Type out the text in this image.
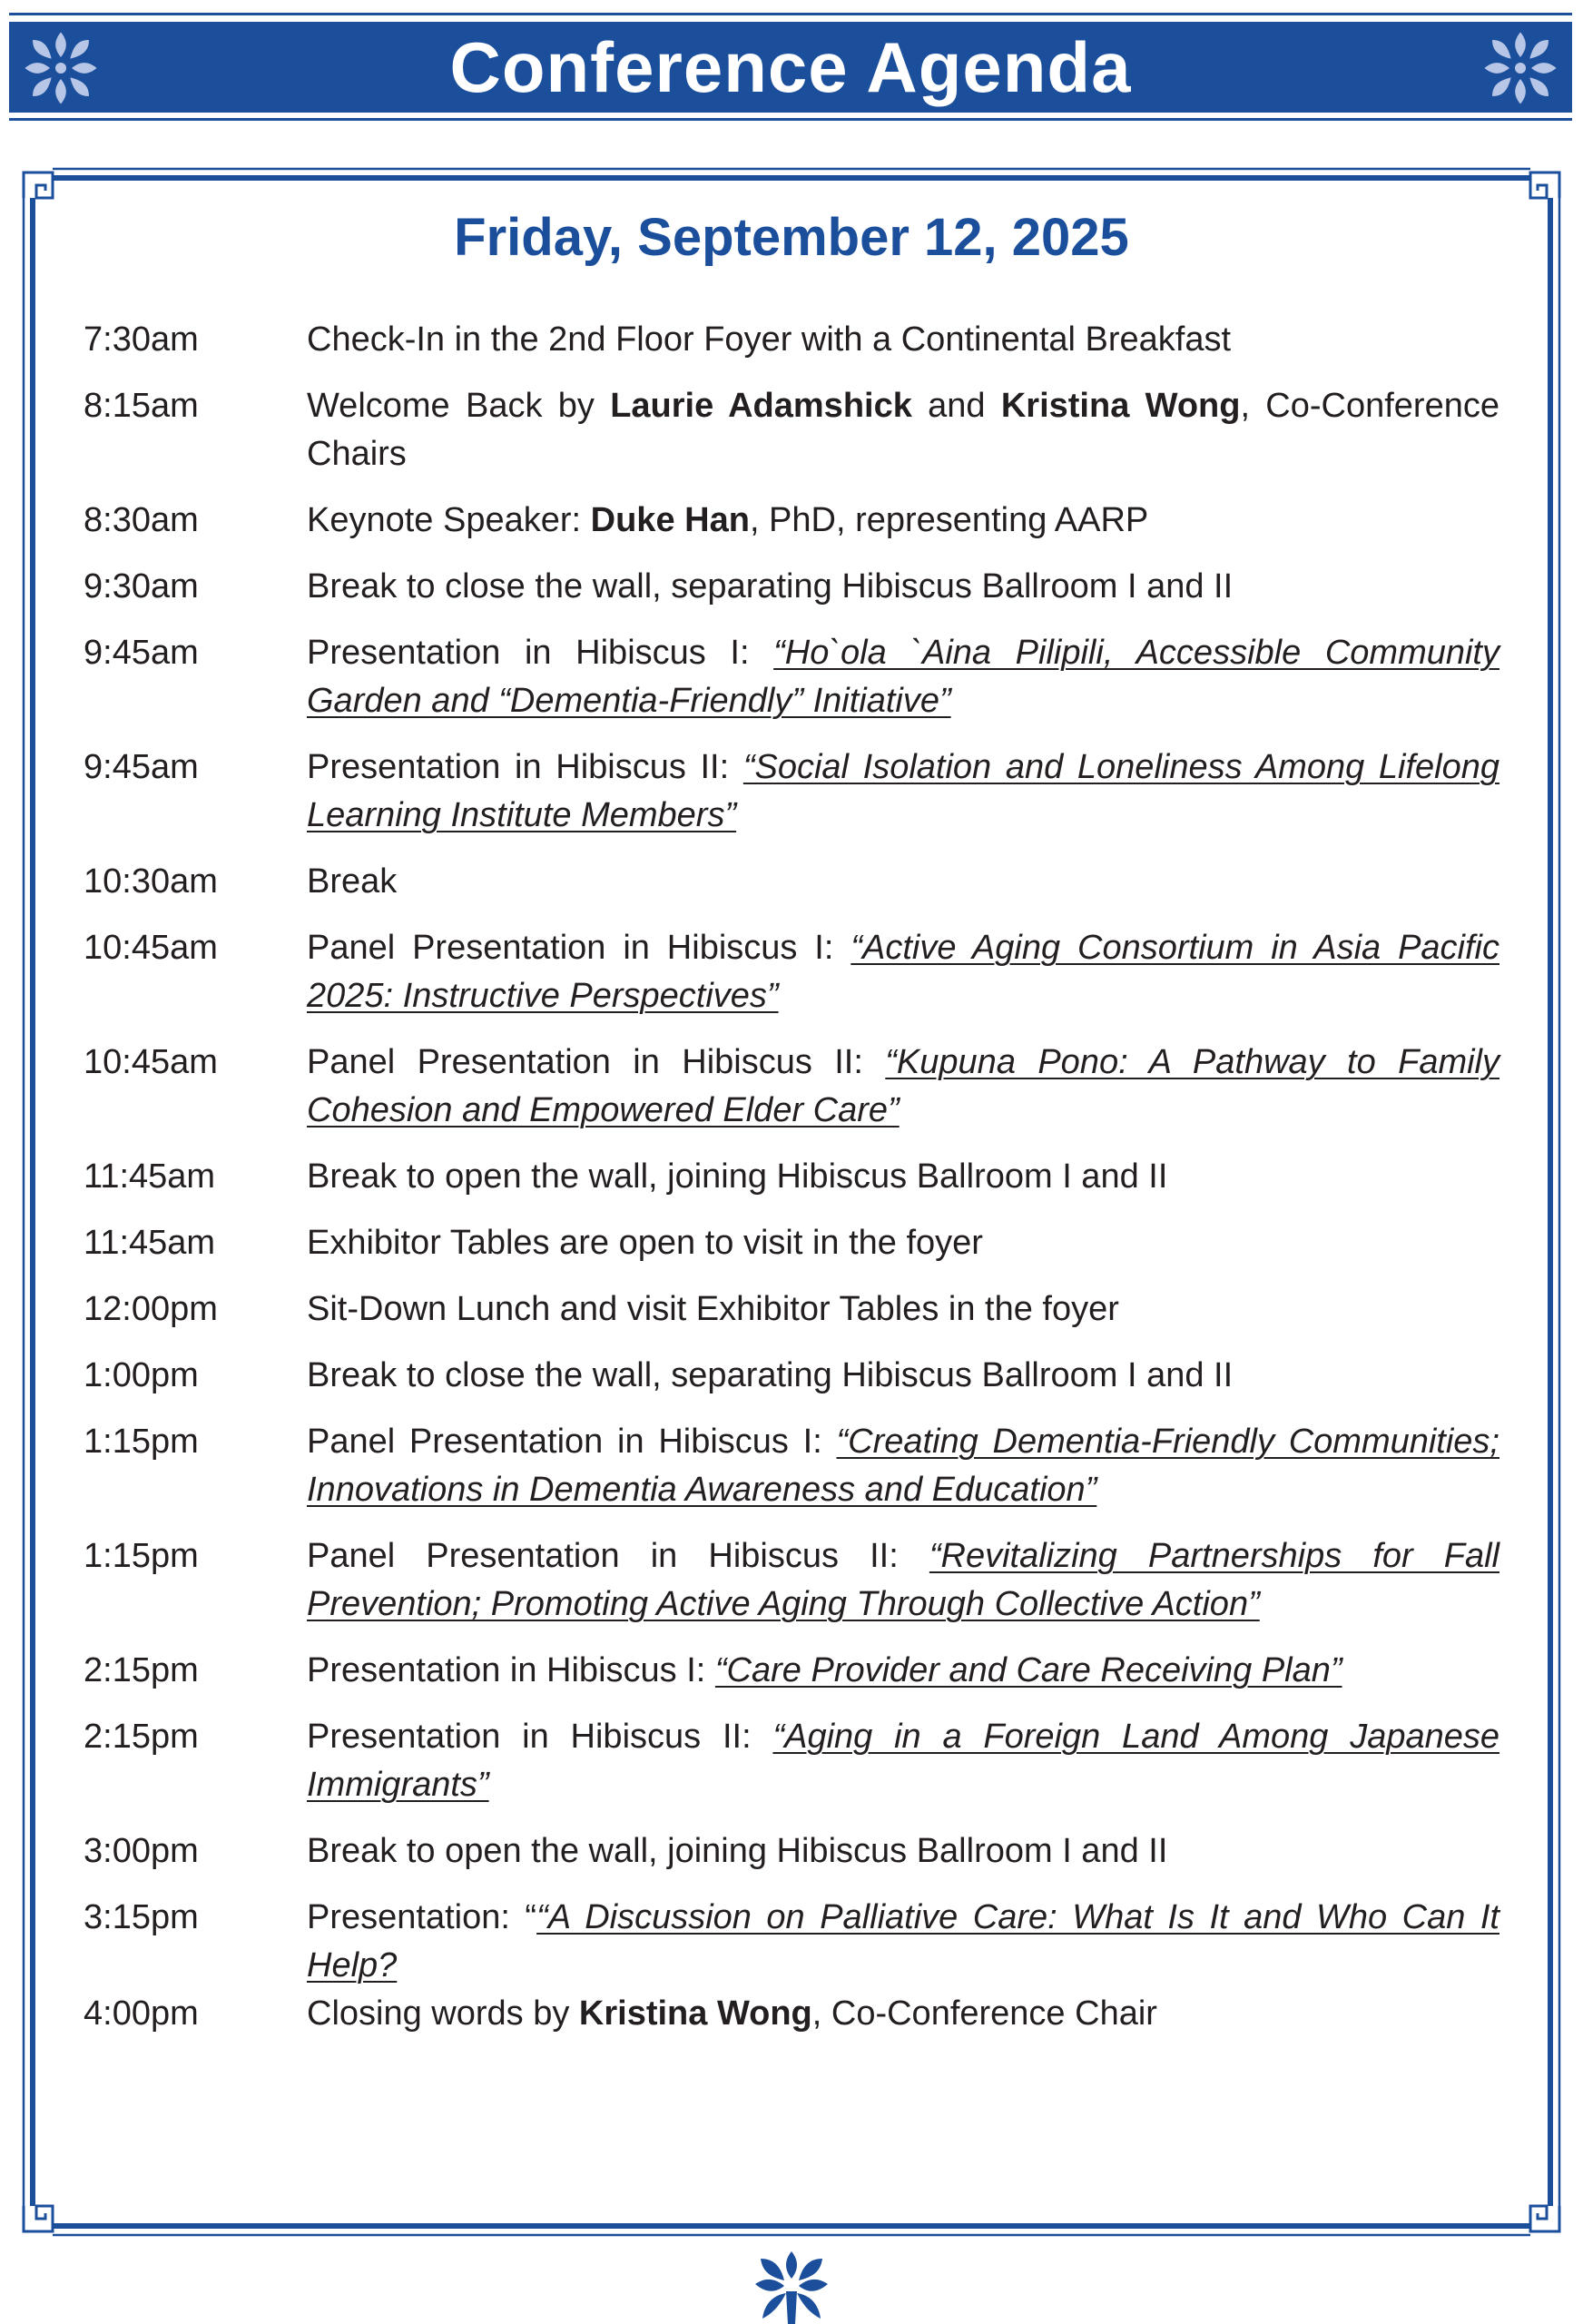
Conference Agenda
Friday, September 12, 2025
7:30am	Check-In in the 2nd Floor Foyer with a Continental Breakfast
8:15am	Welcome Back by Laurie Adamshick and Kristina Wong, Co-Conference Chairs
8:30am	Keynote Speaker: Duke Han, PhD, representing AARP
9:30am	Break to close the wall, separating Hibiscus Ballroom I and II
9:45am	Presentation in Hibiscus I: “Ho`ola `Aina Pilipili, Accessible Community Garden and “Dementia-Friendly” Initiative”
9:45am	Presentation in Hibiscus II: “Social Isolation and Loneliness Among Lifelong Learning Institute Members”
10:30am	Break
10:45am	Panel Presentation in Hibiscus I: “Active Aging Consortium in Asia Pacific 2025: Instructive Perspectives”
10:45am	Panel Presentation in Hibiscus II: “Kupuna Pono: A Pathway to Family Cohesion and Empowered Elder Care”
11:45am	Break to open the wall, joining Hibiscus Ballroom I and II
11:45am	Exhibitor Tables are open to visit in the foyer
12:00pm	Sit-Down Lunch and visit Exhibitor Tables in the foyer
1:00pm	Break to close the wall, separating Hibiscus Ballroom I and II
1:15pm	Panel Presentation in Hibiscus I: “Creating Dementia-Friendly Communities; Innovations in Dementia Awareness and Education”
1:15pm	Panel Presentation in Hibiscus II: “Revitalizing Partnerships for Fall Prevention; Promoting Active Aging Through Collective Action”
2:15pm	Presentation in Hibiscus I: “Care Provider and Care Receiving Plan”
2:15pm	Presentation in Hibiscus II: “Aging in a Foreign Land Among Japanese Immigrants”
3:00pm	Break to open the wall, joining Hibiscus Ballroom I and II
3:15pm	Presentation: ““A Discussion on Palliative Care: What Is It and Who Can It Help?
4:00pm	Closing words by Kristina Wong, Co-Conference Chair
